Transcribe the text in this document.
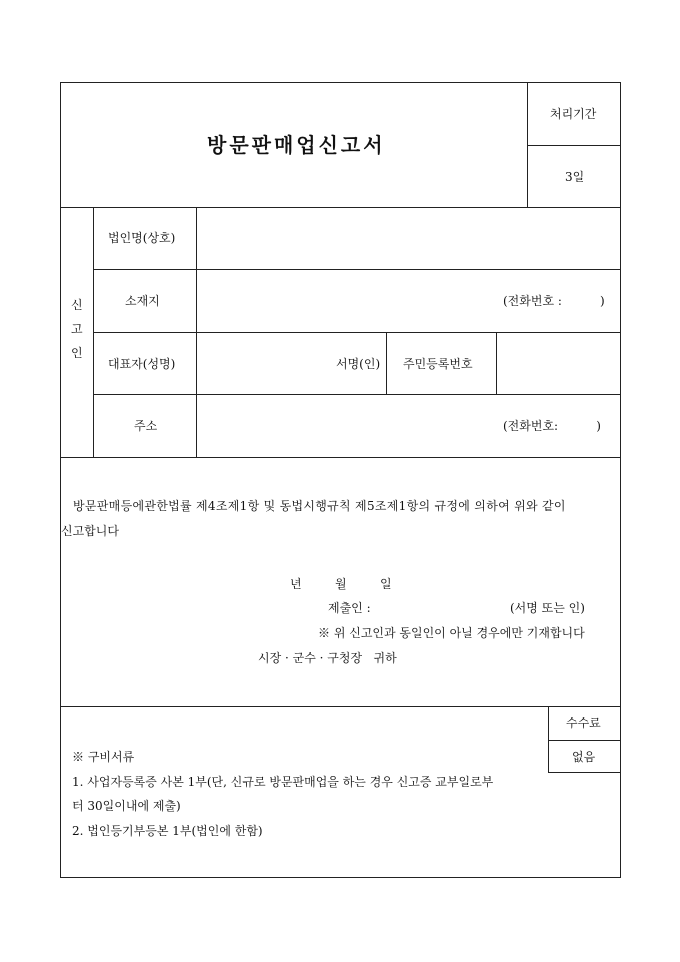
방문판매업신고서
처리기간
3일
신
고
인
법인명(상호)
소재지	(전화번호 :          )
대표자(성명)	서명(인) 주민등록번호
주소	(전화번호:          )
방문판매등에관한법률 제4조제1항 및 동법시행규칙 제5조제1항의 규정에 의하여 위와 같이
신고합니다
년	월	일
제출인 :	(서명 또는 인)
※ 위 신고인과 동일인이 아닐 경우에만 기재합니다
시장 · 군수 · 구청장   귀하
수수료
없음
※ 구비서류
1. 사업자등록증 사본 1부(단, 신규로 방문판매업을 하는 경우 신고증 교부일로부
터 30일이내에 제출)
2. 법인등기부등본 1부(법인에 한함)
